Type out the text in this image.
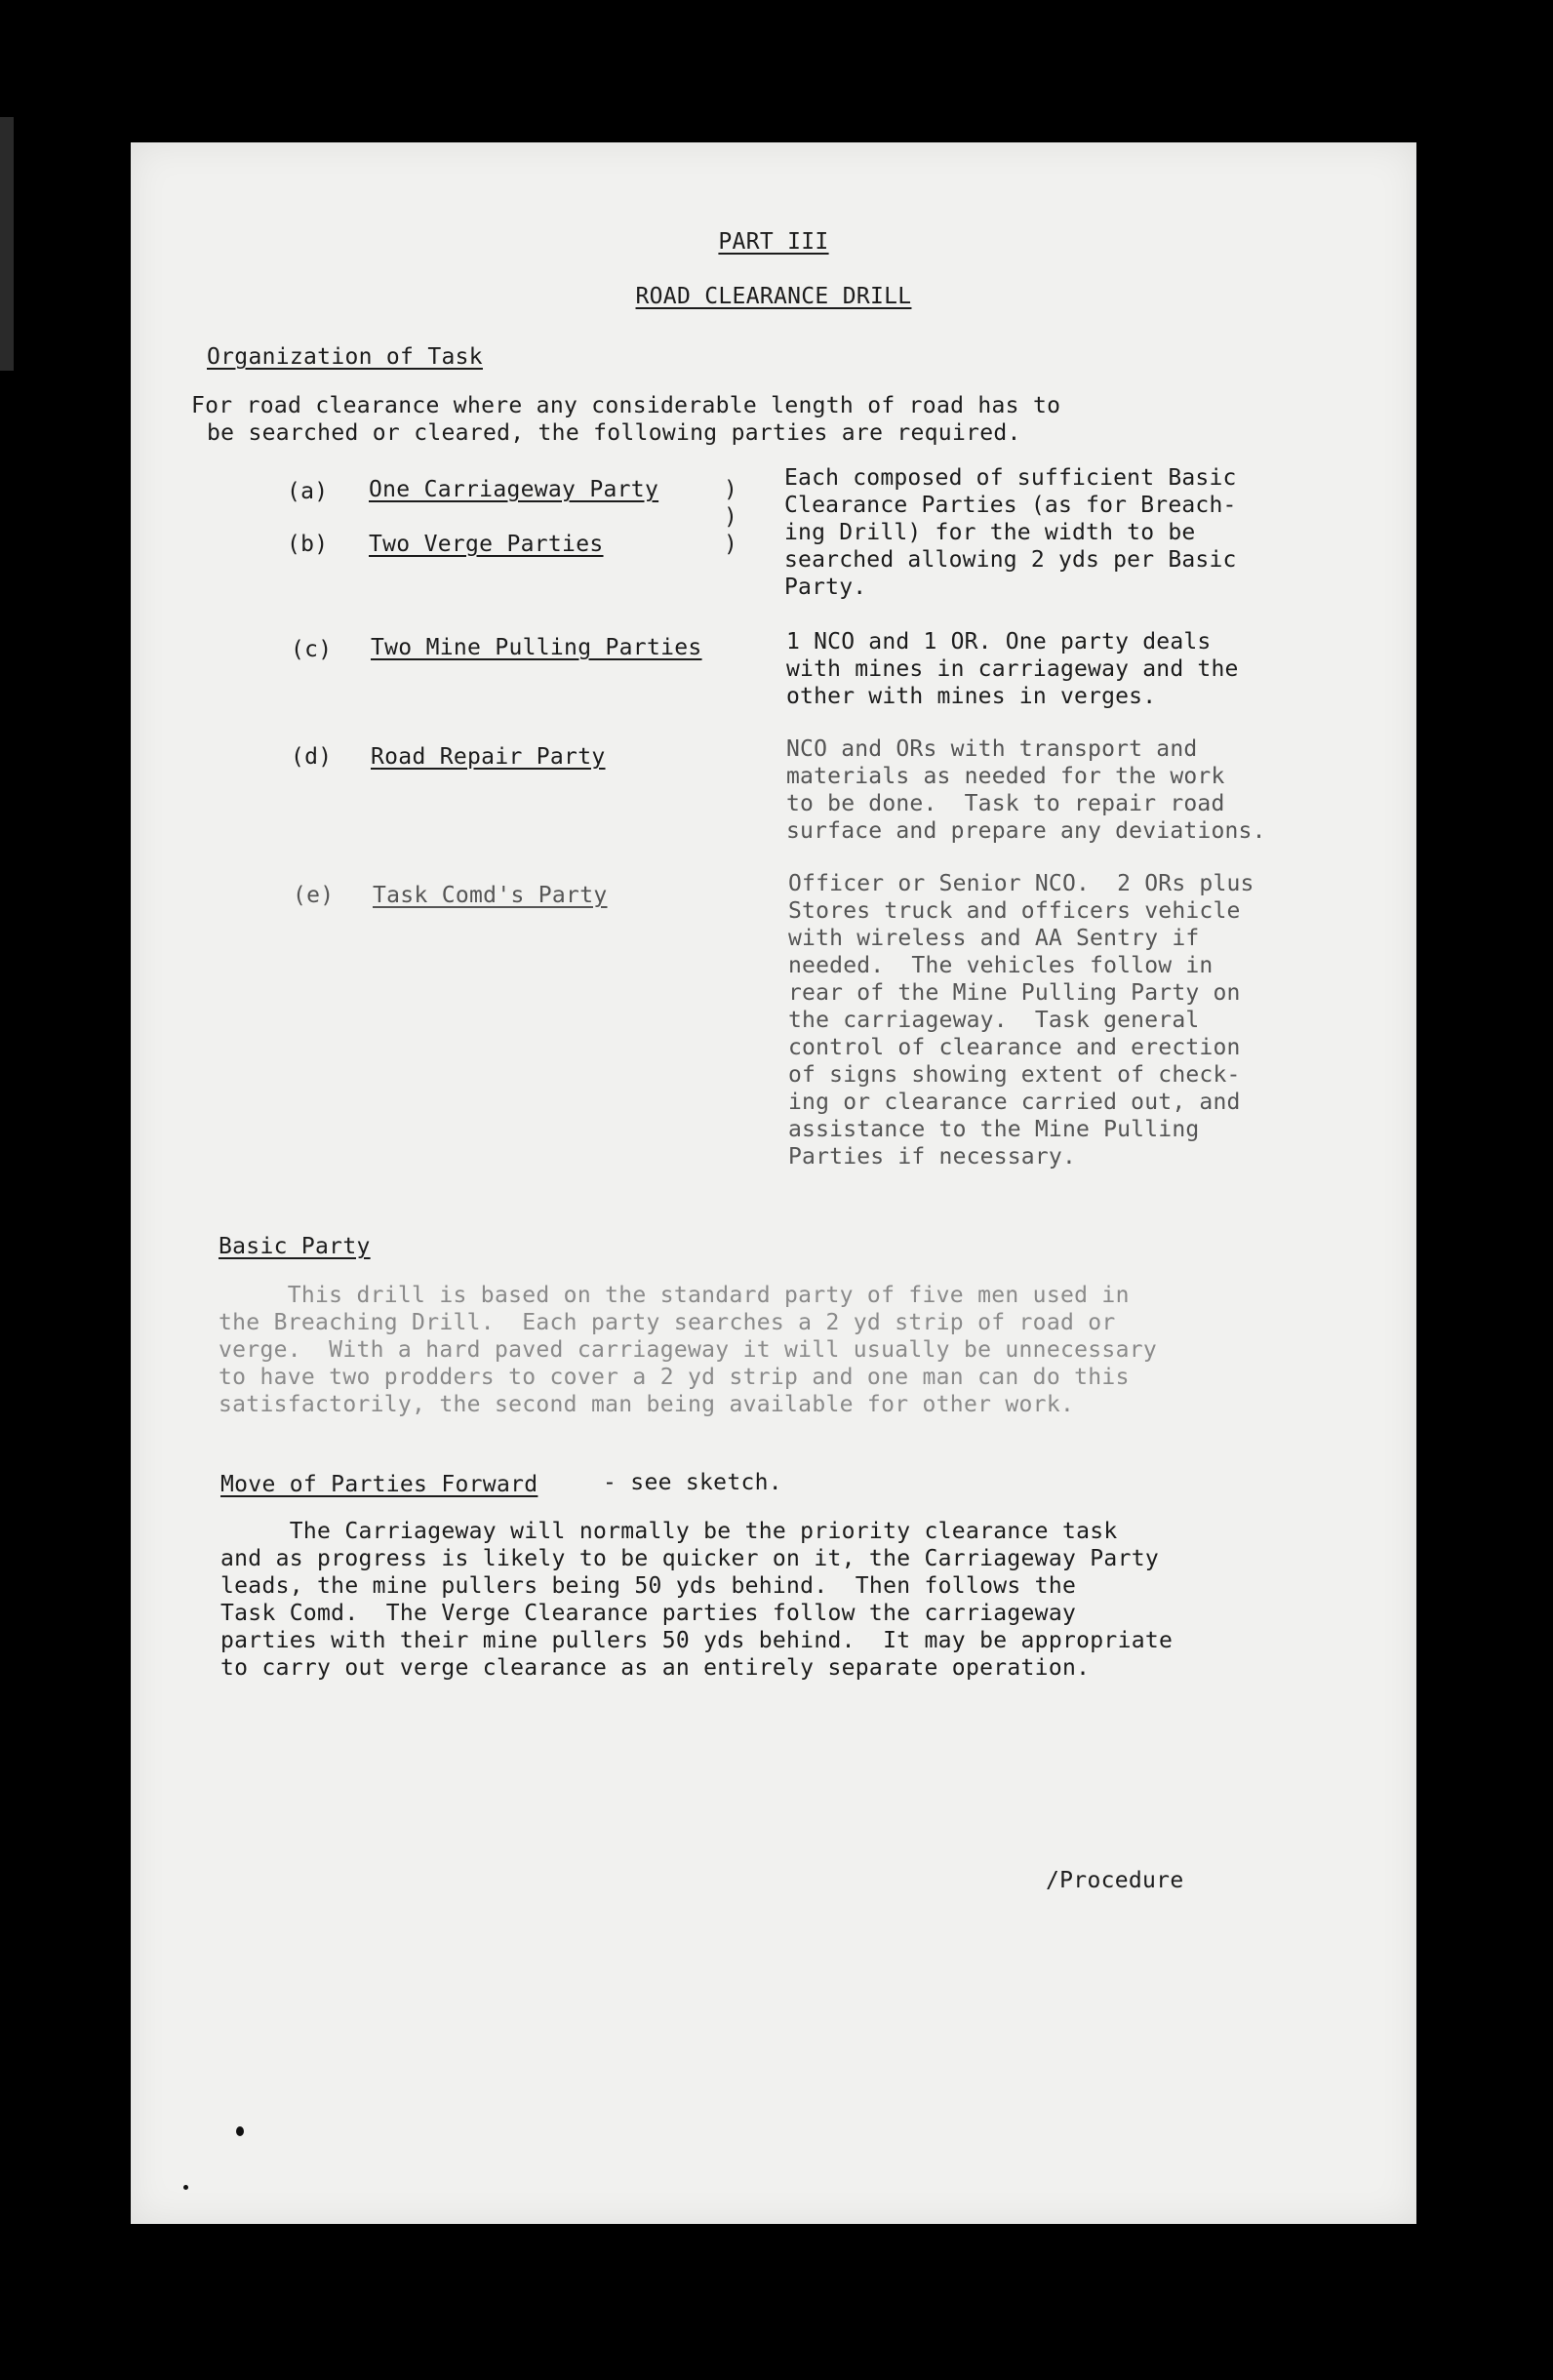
PART III
ROAD CLEARANCE DRILL
Organization of Task
For road clearance where any considerable length of road has to
be searched or cleared, the following parties are required.
(a) One Carriageway Party	)
)
(b) Two Verge Parties	)
Each composed of sufficient Basic
Clearance Parties (as for Breach-
ing Drill) for the width to be
searched allowing 2 yds per Basic
Party.
(c) Two Mine Pulling Parties	1 NCO and 1 OR. One party deals
with mines in carriageway and the
other with mines in verges.
(d) Road Repair Party	NCO and ORs with transport and
materials as needed for the work
to be done.  Task to repair road
surface and prepare any deviations.
(e) Task Comd's Party	Officer or Senior NCO.  2 ORs plus
Stores truck and officers vehicle
with wireless and AA Sentry if
needed.  The vehicles follow in
rear of the Mine Pulling Party on
the carriageway.  Task general
control of clearance and erection
of signs showing extent of check-
ing or clearance carried out, and
assistance to the Mine Pulling
Parties if necessary.
Basic Party
This drill is based on the standard party of five men used in
the Breaching Drill.  Each party searches a 2 yd strip of road or
verge.  With a hard paved carriageway it will usually be unnecessary
to have two prodders to cover a 2 yd strip and one man can do this
satisfactorily, the second man being available for other work.
Move of Parties Forward	- see sketch.
The Carriageway will normally be the priority clearance task
and as progress is likely to be quicker on it, the Carriageway Party
leads, the mine pullers being 50 yds behind.  Then follows the
Task Comd.  The Verge Clearance parties follow the carriageway
parties with their mine pullers 50 yds behind.  It may be appropriate
to carry out verge clearance as an entirely separate operation.
/Procedure
